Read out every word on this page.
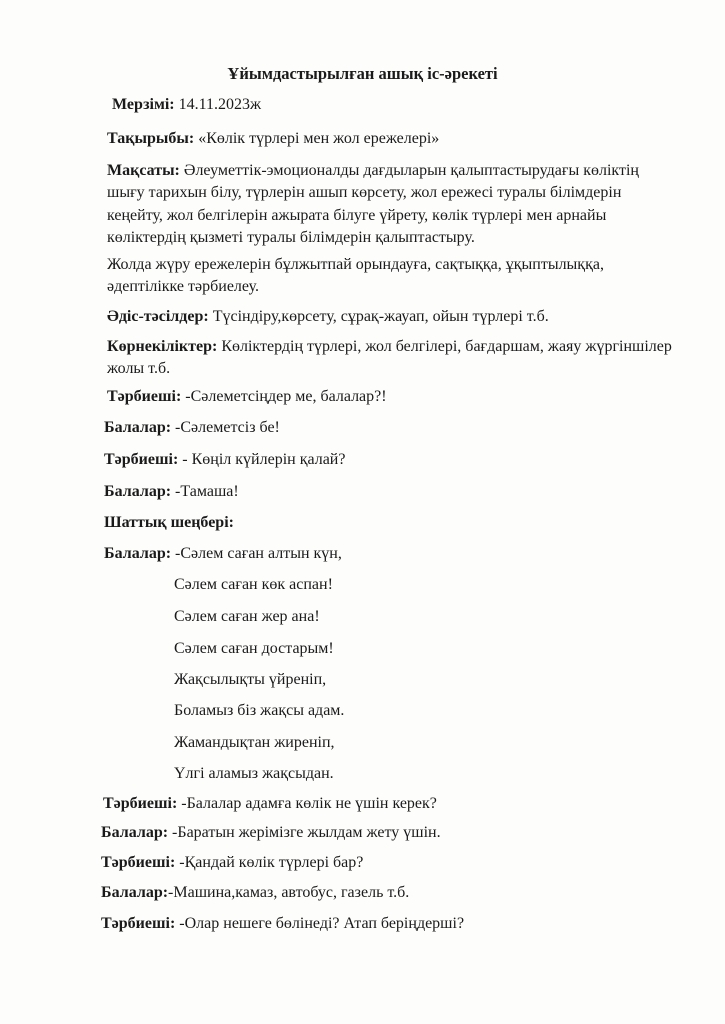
Ұйымдастырылған ашық іс-әрекеті
Мерзімі: 14.11.2023ж
Тақырыбы: «Көлік түрлері мен жол ережелері»
Мақсаты: Әлеуметтік-эмоционалды дағдыларын қалыптастырудағы көліктің шығу тарихын білу, түрлерін ашып көрсету, жол ережесі туралы білімдерін кеңейту, жол белгілерін ажырата білуге үйрету, көлік түрлері мен арнайы көліктердің қызметі туралы білімдерін қалыптастыру.
Жолда жүру ережелерін бұлжытпай орындауға, сақтыққа, ұқыптылыққа, әдептілікке тәрбиелеу.
Әдіс-тәсілдер: Түсіндіру,көрсету, сұрақ-жауап, ойын түрлері т.б.
Көрнекіліктер: Көліктердің түрлері, жол белгілері, бағдаршам, жаяу жүргіншілер жолы т.б.
Тәрбиеші: -Сәлеметсіңдер ме, балалар?!
Балалар: -Сәлеметсіз бе!
Тәрбиеші: - Көңіл күйлерін қалай?
Балалар: -Тамаша!
Шаттық шеңбері:
Балалар: -Сәлем саған алтын күн,
Сәлем саған көк аспан!
Сәлем саған жер ана!
Сәлем саған достарым!
Жақсылықты үйреніп,
Боламыз біз жақсы адам.
Жамандықтан жиреніп,
Үлгі аламыз жақсыдан.
Тәрбиеші: -Балалар адамға көлік не үшін керек?
Балалар: -Баратын жерімізге жылдам жету үшін.
Тәрбиеші: -Қандай көлік түрлері бар?
Балалар:-Машина,камаз, автобус, газель т.б.
Тәрбиеші: -Олар нешеге бөлінеді? Атап беріңдерші?
